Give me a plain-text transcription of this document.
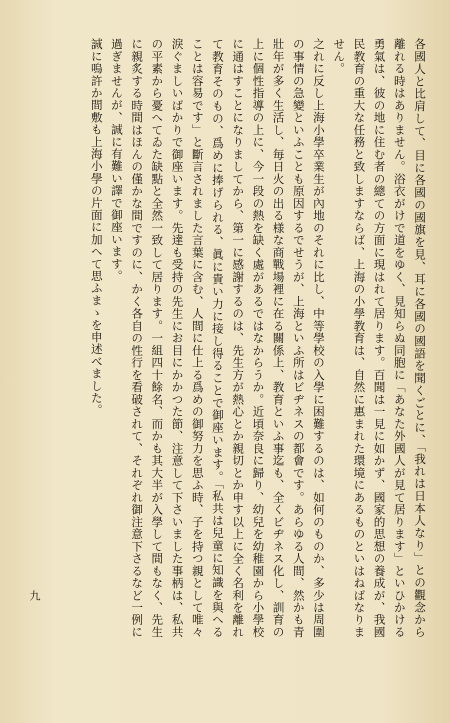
各國人と比肩して、目に各國の國旗を見、耳に各國の國語を聞くごとに、「我れは日本人なり」との觀念から離れる時はありません。浴衣がけで道をゆく、見知らぬ同胞に「あなた外國人が見て居ります」といひかける勇氣は、彼の地に住む者の總ての方面に現はれて居ります。百聞は一見に如かず、國家的思想の養成が、我國民教育の重大な任務と致しますならば、上海の小學教育は、自然に惠まれた環境にあるものといはねばなりません。

之れに反し上海小學卒業生が內地のそれに比し、中等學校の入學に困難するのは、如何のものか、多少は周圍の事情の急變といふことも原因するでせうが、上海といふ所はビヂネスの都會です。あらゆる人間、然かも青壯年が多く生活し、毎日火の出る様な商戰場裡に在る關係上、教育といふ事迄も、全くビヂネス化し、訓育の上に個性指導の上に、今一段の熱を缺く處があるではなからうか。近頃奈良に歸り、幼兒を幼稚園から小學校に通はすことになりましてから、第一に感謝するのは、先生方が熱心とか親切とか申す以上に全く名利を離れて教育そのもの、爲めに捧げられる、眞に貴い力に接し得ることで御座います。「私共は兒童に知識を與へることは容易です」と斷言されました言葉に含む、人間に仕上る爲めの御努力を思ふ時、子を持つ親として唯々淚ぐましいばかりで御座います。先達も受持の先生にお目にかかつた節、注意して下さいました事柄は、私共の平素から憂へてゐた缺點と全然一致して居ります。一組四十餘名、而かも其大半が入學して間もなく、先生に親炙する時間はほんの僅かな間ですのに、かく各自の性行を看破されて、それぞれ御注意下さるなど一例に過ぎませんが、誠に有難い譯で御座います。

誠に嗚許か間敷も上海小學の片面に加へて思ふまゝを申述べました。

九
